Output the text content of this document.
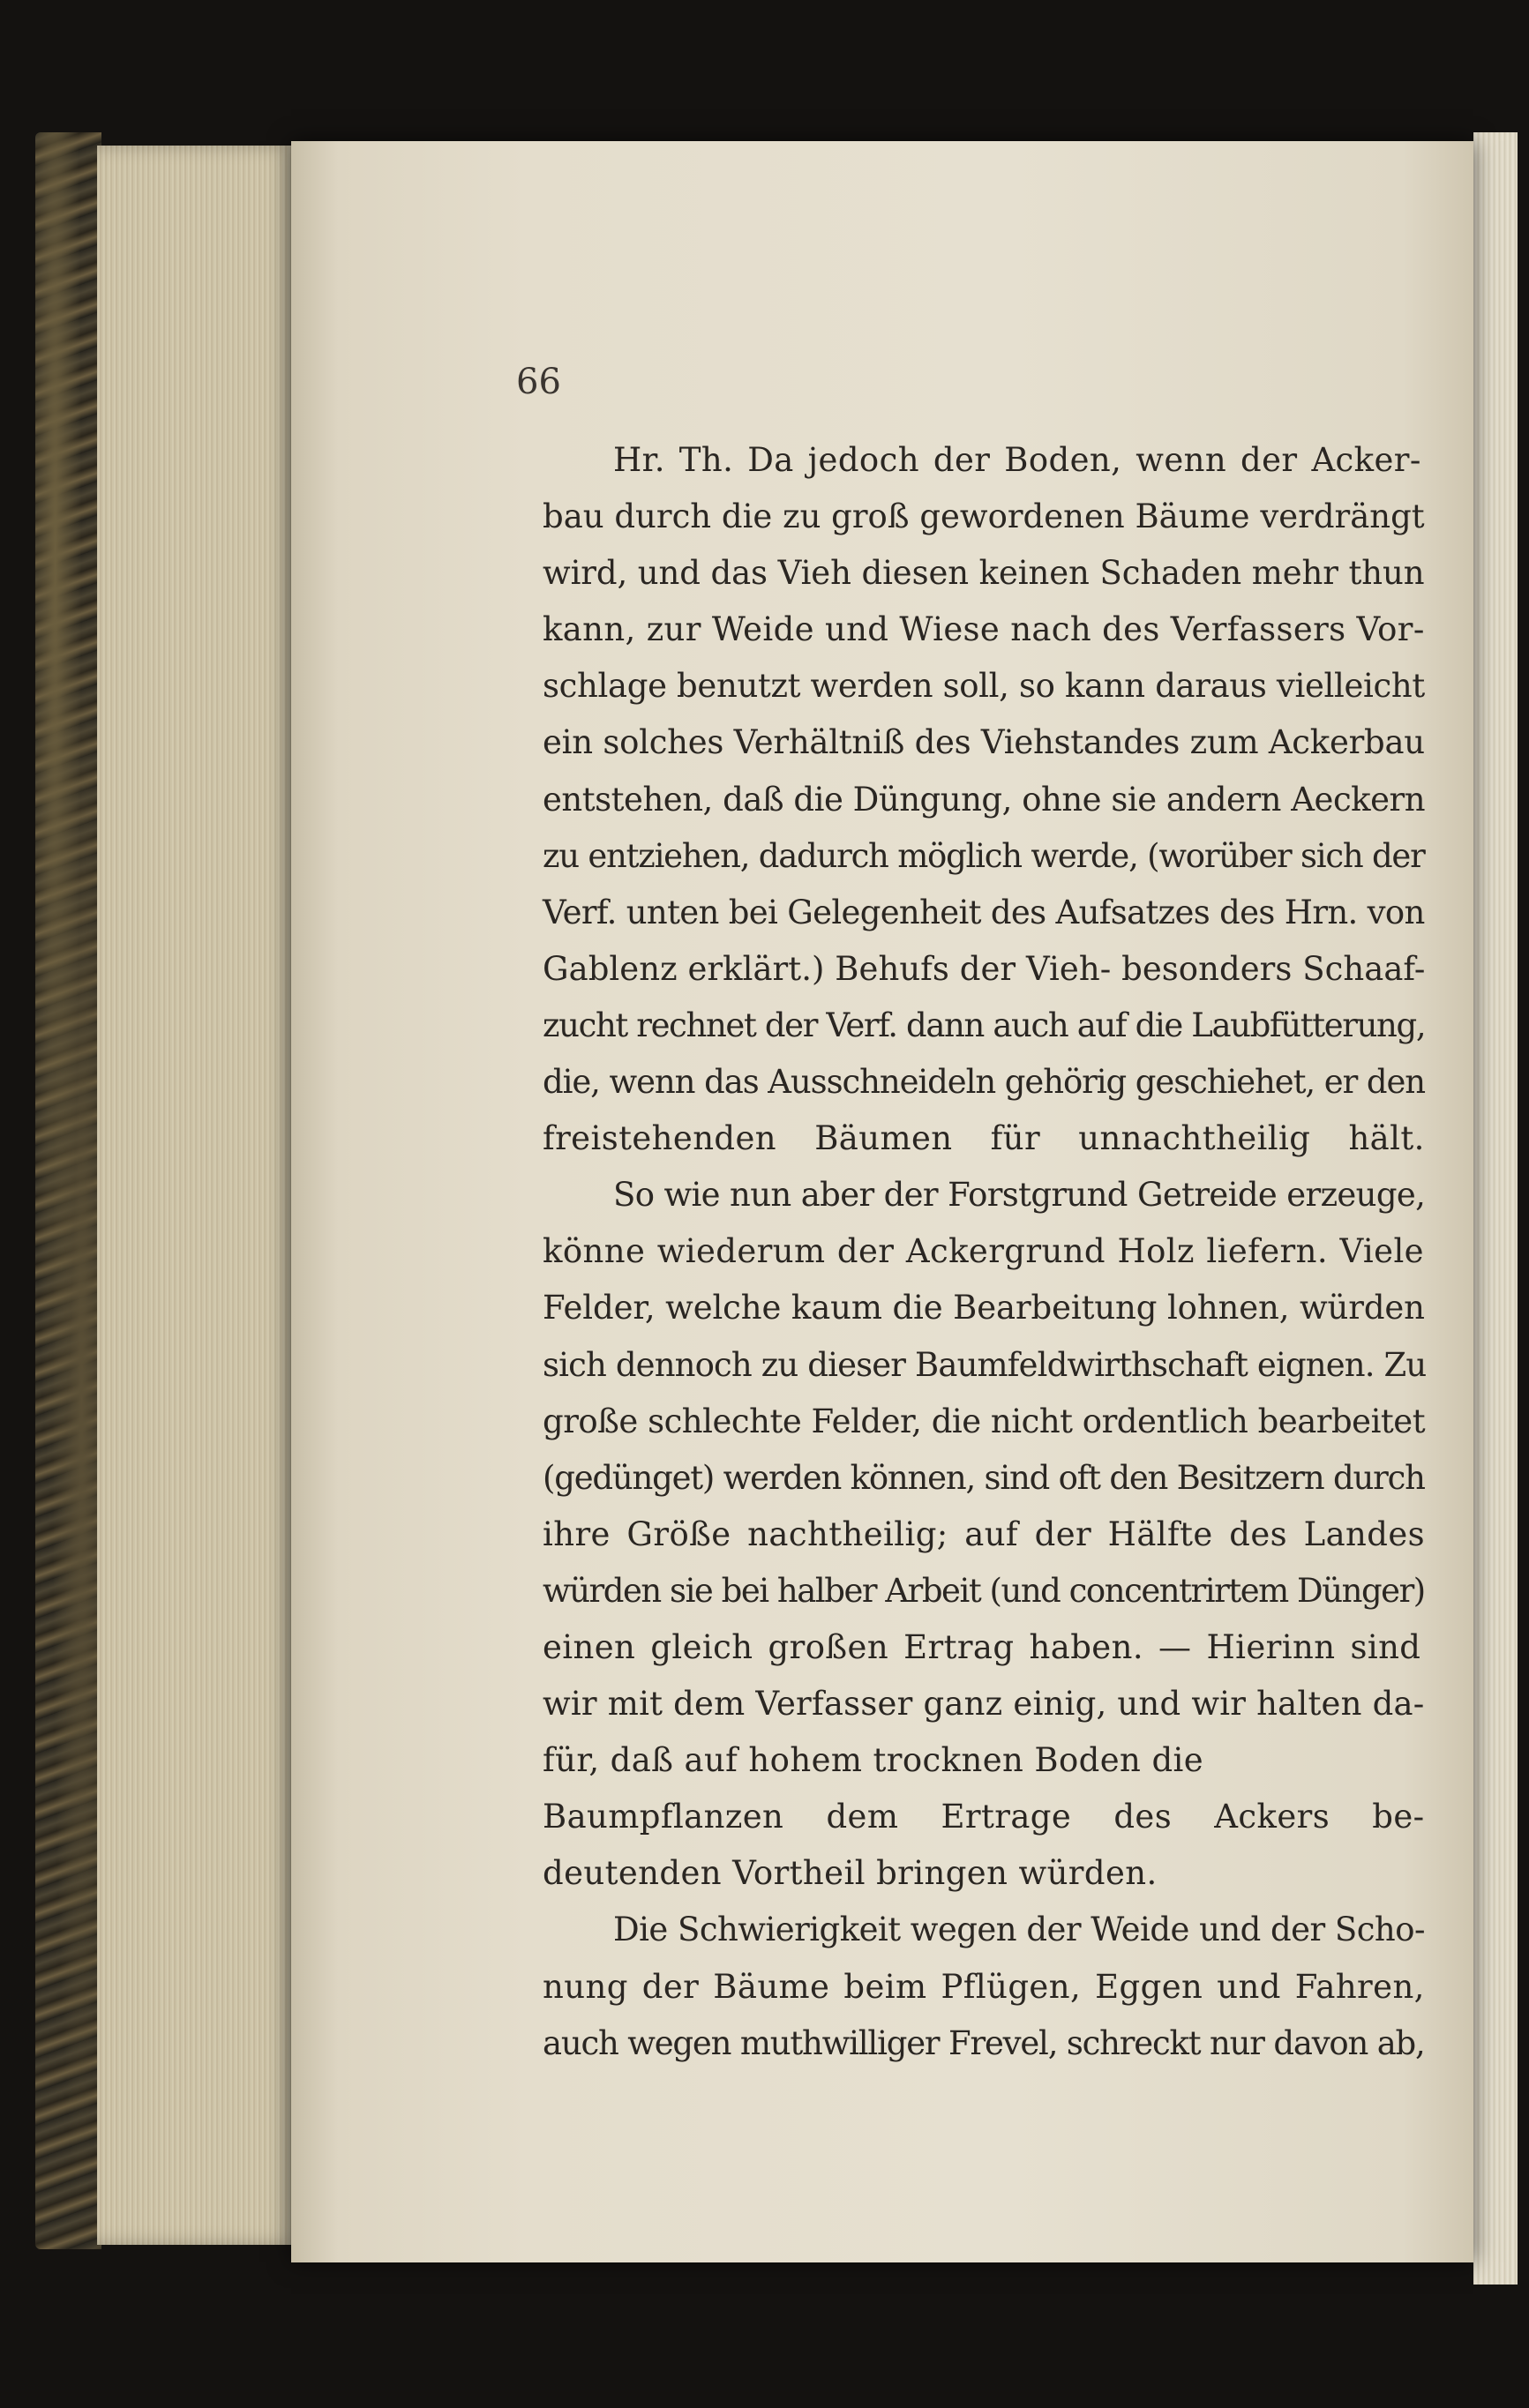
66
Hr. Th. Da jedoch der Boden, wenn der Acker-
bau durch die zu groß gewordenen Bäume verdrängt
wird, und das Vieh diesen keinen Schaden mehr thun
kann, zur Weide und Wiese nach des Verfassers Vor-
schlage benutzt werden soll, so kann daraus vielleicht
ein solches Verhältniß des Viehstandes zum Ackerbau
entstehen, daß die Düngung, ohne sie andern Aeckern
zu entziehen, dadurch möglich werde, (worüber sich der
Verf. unten bei Gelegenheit des Aufsatzes des Hrn. von
Gablenz erklärt.) Behufs der Vieh- besonders Schaaf-
zucht rechnet der Verf. dann auch auf die Laubfütterung,
die, wenn das Ausschneideln gehörig geschiehet, er den
freistehenden Bäumen für unnachtheilig hält.
So wie nun aber der Forstgrund Getreide erzeuge,
könne wiederum der Ackergrund Holz liefern. Viele
Felder, welche kaum die Bearbeitung lohnen, würden
sich dennoch zu dieser Baumfeldwirthschaft eignen. Zu
große schlechte Felder, die nicht ordentlich bearbeitet
(gedünget) werden können, sind oft den Besitzern durch
ihre Größe nachtheilig; auf der Hälfte des Landes
würden sie bei halber Arbeit (und concentrirtem Dünger)
einen gleich großen Ertrag haben. — Hierinn sind
wir mit dem Verfasser ganz einig, und wir halten da-
für, daß auf hohem trocknen Boden die
Baumpflanzen dem Ertrage des Ackers be-
deutenden Vortheil bringen würden.
Die Schwierigkeit wegen der Weide und der Scho-
nung der Bäume beim Pflügen, Eggen und Fahren,
auch wegen muthwilliger Frevel, schreckt nur davon ab,
